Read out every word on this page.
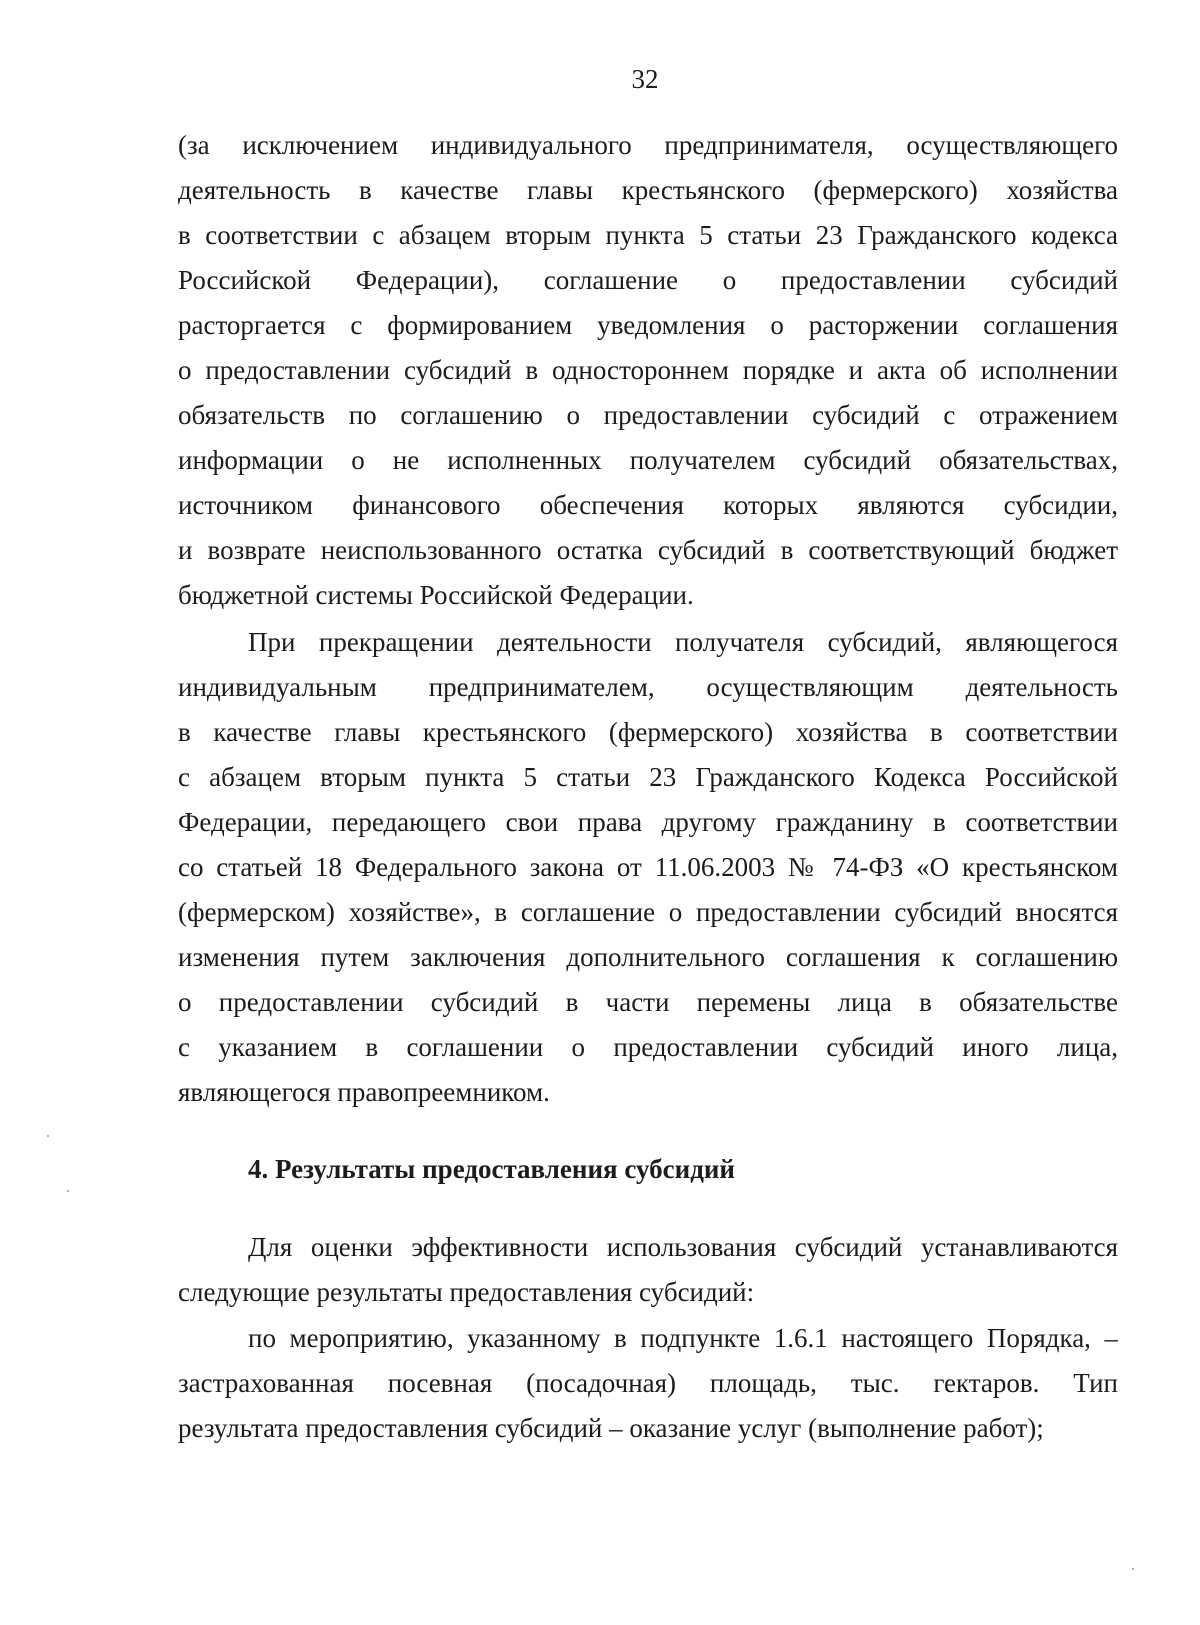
32
(за исключением индивидуального предпринимателя, осуществляющего
деятельность в качестве главы крестьянского (фермерского) хозяйства
в соответствии с абзацем вторым пункта 5 статьи 23 Гражданского кодекса
Российской Федерации), соглашение о предоставлении субсидий
расторгается с формированием уведомления о расторжении соглашения
о предоставлении субсидий в одностороннем порядке и акта об исполнении
обязательств по соглашению о предоставлении субсидий с отражением
информации о не исполненных получателем субсидий обязательствах,
источником финансового обеспечения которых являются субсидии,
и возврате неиспользованного остатка субсидий в соответствующий бюджет
бюджетной системы Российской Федерации.
При прекращении деятельности получателя субсидий, являющегося
индивидуальным предпринимателем, осуществляющим деятельность
в качестве главы крестьянского (фермерского) хозяйства в соответствии
с абзацем вторым пункта 5 статьи 23 Гражданского Кодекса Российской
Федерации, передающего свои права другому гражданину в соответствии
со статьей 18 Федерального закона от 11.06.2003 № 74-ФЗ «О крестьянском
(фермерском) хозяйстве», в соглашение о предоставлении субсидий вносятся
изменения путем заключения дополнительного соглашения к соглашению
о предоставлении субсидий в части перемены лица в обязательстве
с указанием в соглашении о предоставлении субсидий иного лица,
являющегося правопреемником.
4. Результаты предоставления субсидий
Для оценки эффективности использования субсидий устанавливаются
следующие результаты предоставления субсидий:
по мероприятию, указанному в подпункте 1.6.1 настоящего Порядка, –
застрахованная посевная (посадочная) площадь, тыс. гектаров. Тип
результата предоставления субсидий – оказание услуг (выполнение работ);
